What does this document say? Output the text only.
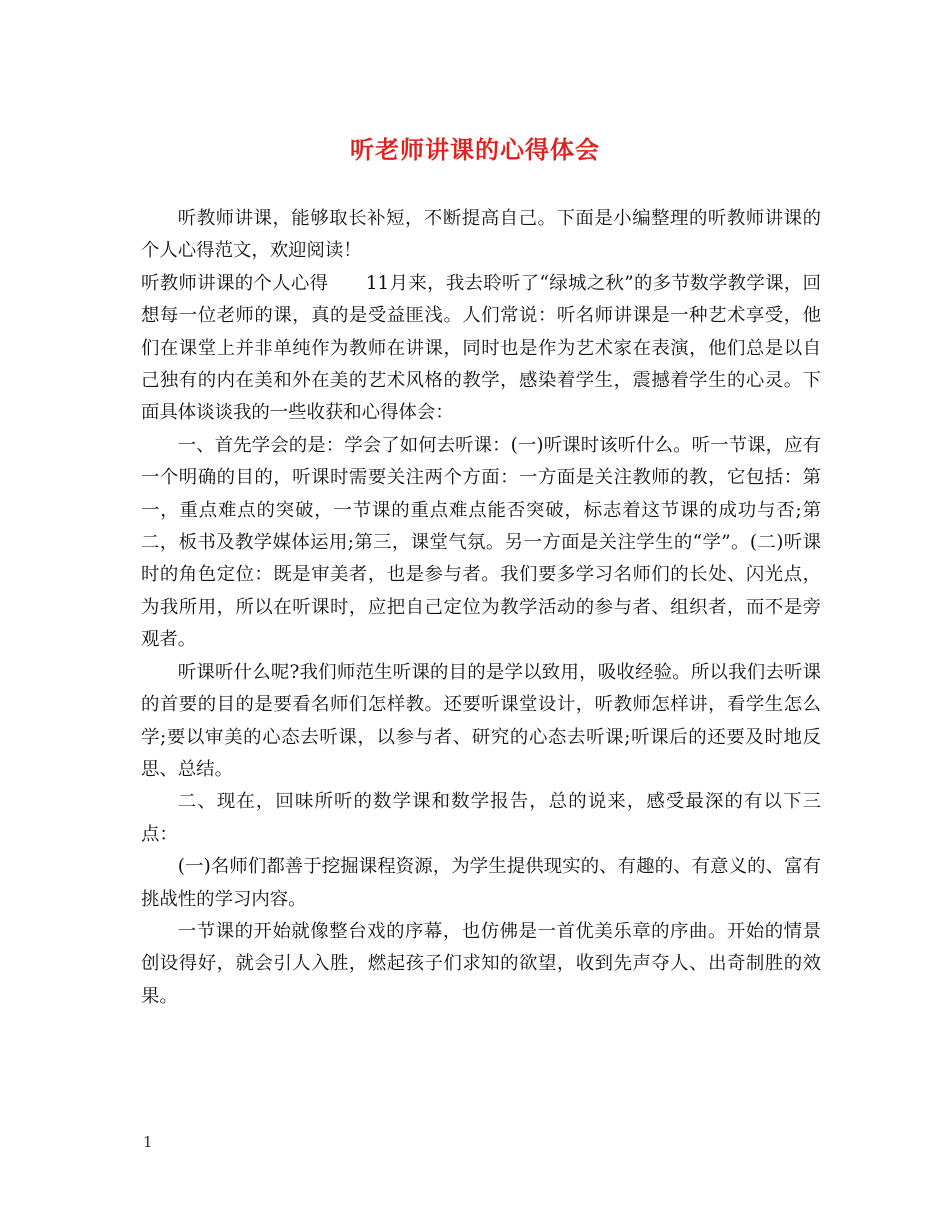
听老师讲课的心得体会

听教师讲课，能够取长补短，不断提高自己。下面是小编整理的听教师讲课的个人心得范文，欢迎阅读！

听教师讲课的个人心得　　11月来，我去聆听了“绿城之秋”的多节数学教学课，回想每一位老师的课，真的是受益匪浅。人们常说：听名师讲课是一种艺术享受，他们在课堂上并非单纯作为教师在讲课，同时也是作为艺术家在表演，他们总是以自己独有的内在美和外在美的艺术风格的教学，感染着学生，震撼着学生的心灵。下面具体谈谈我的一些收获和心得体会：

一、首先学会的是：学会了如何去听课：(一)听课时该听什么。听一节课，应有一个明确的目的，听课时需要关注两个方面：一方面是关注教师的教，它包括：第一，重点难点的突破，一节课的重点难点能否突破，标志着这节课的成功与否;第二，板书及教学媒体运用;第三，课堂气氛。另一方面是关注学生的“学”。(二)听课时的角色定位：既是审美者，也是参与者。我们要多学习名师们的长处、闪光点，为我所用，所以在听课时，应把自己定位为教学活动的参与者、组织者，而不是旁观者。

听课听什么呢?我们师范生听课的目的是学以致用，吸收经验。所以我们去听课的首要的目的是要看名师们怎样教。还要听课堂设计，听教师怎样讲，看学生怎么学;要以审美的心态去听课，以参与者、研究的心态去听课;听课后的还要及时地反思、总结。

二、现在，回味所听的数学课和数学报告，总的说来，感受最深的有以下三点：

(一)名师们都善于挖掘课程资源，为学生提供现实的、有趣的、有意义的、富有挑战性的学习内容。

一节课的开始就像整台戏的序幕，也仿佛是一首优美乐章的序曲。开始的情景创设得好，就会引人入胜，燃起孩子们求知的欲望，收到先声夺人、出奇制胜的效果。

1
